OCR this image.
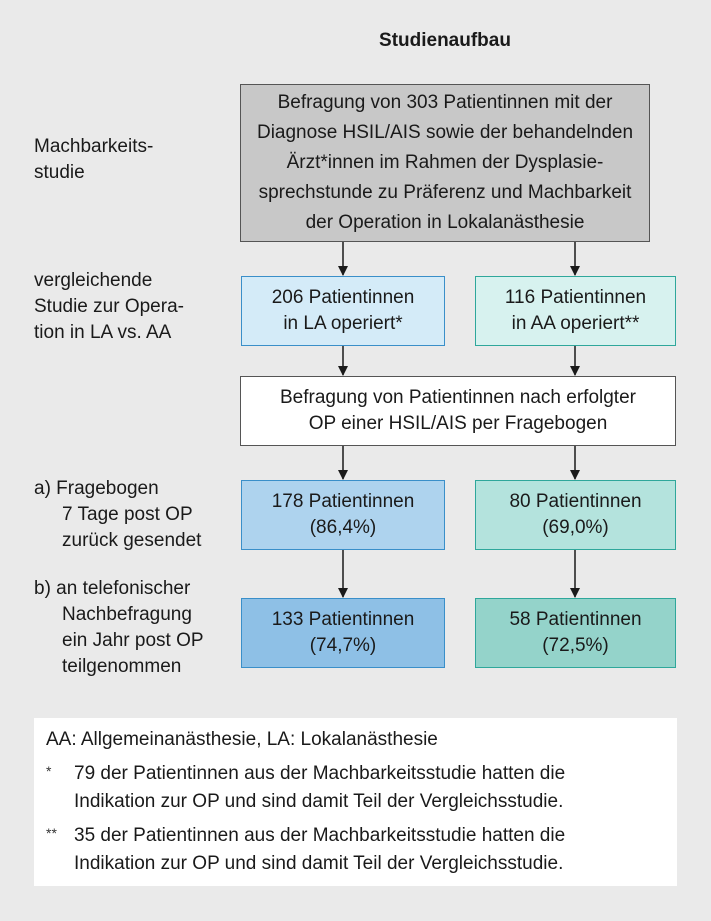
Studienaufbau
Machbarkeits-
studie
vergleichende
Studie zur Opera-
tion in LA vs. AA
a) Fragebogen
7 Tage post OP
zurück gesendet
b) an telefonischer
Nachbefragung
ein Jahr post OP
teilgenommen
Befragung von 303 Patientinnen mit der
Diagnose HSIL/AIS sowie der behandelnden
Ärzt*innen im Rahmen der Dysplasie-
sprechstunde zu Präferenz und Machbarkeit
der Operation in Lokalanästhesie
206 Patientinnen
in LA operiert*
116 Patientinnen
in AA operiert**
Befragung von Patientinnen nach erfolgter
OP einer HSIL/AIS per Fragebogen
178 Patientinnen
(86,4%)
80 Patientinnen
(69,0%)
133 Patientinnen
(74,7%)
58 Patientinnen
(72,5%)
AA: Allgemeinanästhesie, LA: Lokalanästhesie
*	79 der Patientinnen aus der Machbarkeitsstudie hatten die
Indikation zur OP und sind damit Teil der Vergleichsstudie.
** 35 der Patientinnen aus der Machbarkeitsstudie hatten die
Indikation zur OP und sind damit Teil der Vergleichsstudie.
